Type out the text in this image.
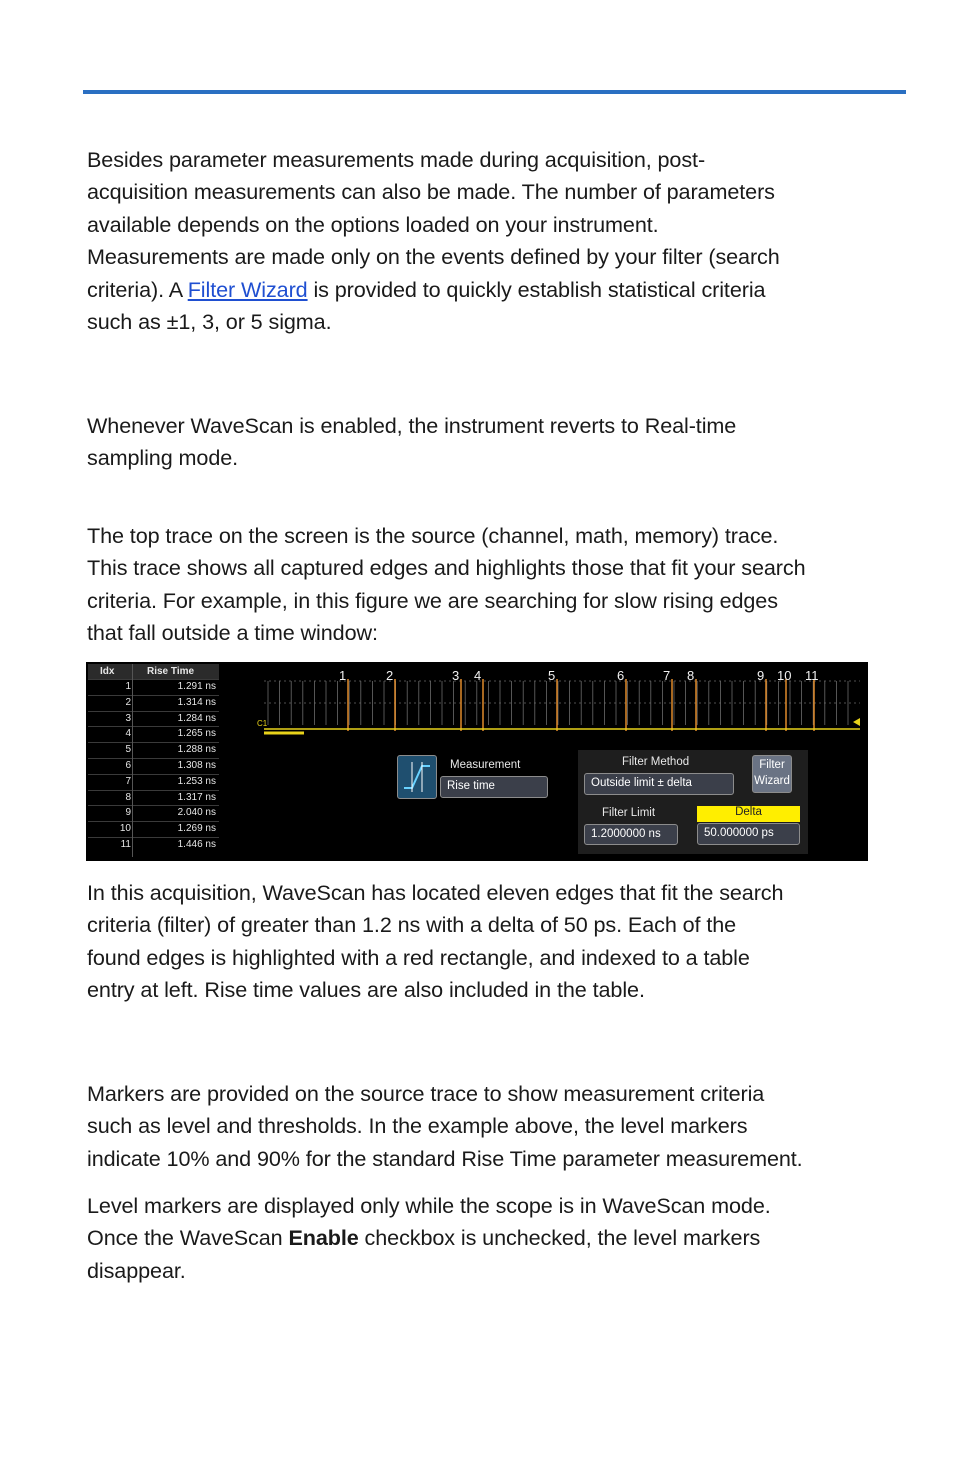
Besides parameter measurements made during acquisition, post-
acquisition measurements can also be made. The number of parameters
available depends on the options loaded on your instrument.
Measurements are made only on the events defined by your filter (search
criteria). A Filter Wizard is provided to quickly establish statistical criteria
such as ±1, 3, or 5 sigma.

Whenever WaveScan is enabled, the instrument reverts to Real-time
sampling mode.

The top trace on the screen is the source (channel, math, memory) trace.
This trace shows all captured edges and highlights those that fit your search
criteria. For example, in this figure we are searching for slow rising edges
that fall outside a time window:

Idx	Rise Time
1	1.291 ns
2	1.314 ns
3	1.284 ns
4	1.265 ns
5	1.288 ns
6	1.308 ns
7	1.253 ns
8	1.317 ns
9	2.040 ns
10	1.269 ns
11	1.446 ns
1	2	3 4	5	6	7 8	9 10 11
C1
Measurement
Rise time
Filter Method
Outside limit ± delta
Filter
Wizard
Filter Limit
1.2000000 ns
Delta
50.000000 ps

In this acquisition, WaveScan has located eleven edges that fit the search
criteria (filter) of greater than 1.2 ns with a delta of 50 ps. Each of the
found edges is highlighted with a red rectangle, and indexed to a table
entry at left. Rise time values are also included in the table.

Markers are provided on the source trace to show measurement criteria
such as level and thresholds. In the example above, the level markers
indicate 10% and 90% for the standard Rise Time parameter measurement.

Level markers are displayed only while the scope is in WaveScan mode.
Once the WaveScan Enable checkbox is unchecked, the level markers
disappear.
